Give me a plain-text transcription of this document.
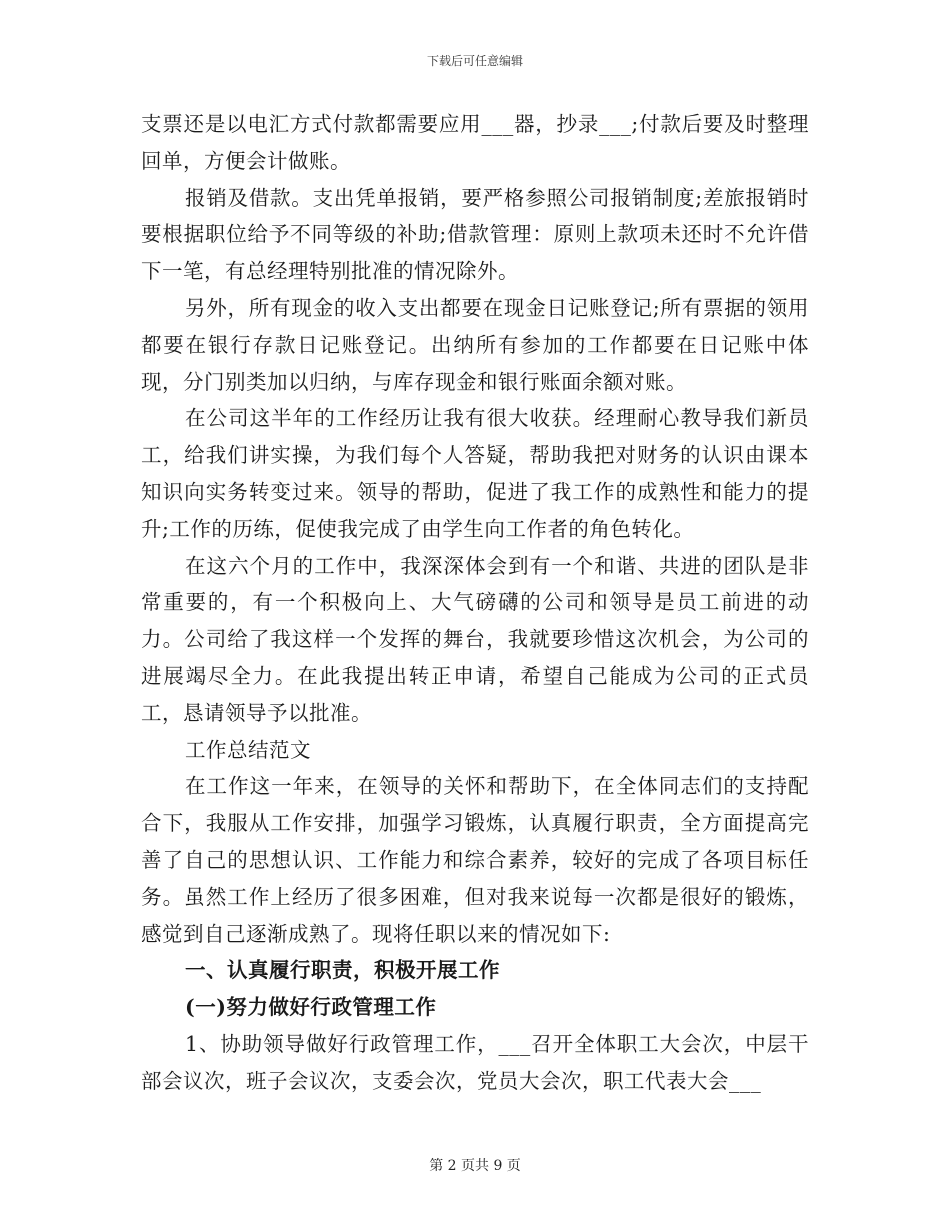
下载后可任意编辑

支票还是以电汇方式付款都需要应用___器，抄录___;付款后要及时整理回单，方便会计做账。

报销及借款。支出凭单报销，要严格参照公司报销制度;差旅报销时要根据职位给予不同等级的补助;借款管理：原则上款项未还时不允许借下一笔，有总经理特别批准的情况除外。

另外，所有现金的收入支出都要在现金日记账登记;所有票据的领用都要在银行存款日记账登记。出纳所有参加的工作都要在日记账中体现，分门别类加以归纳，与库存现金和银行账面余额对账。

在公司这半年的工作经历让我有很大收获。经理耐心教导我们新员工，给我们讲实操，为我们每个人答疑，帮助我把对财务的认识由课本知识向实务转变过来。领导的帮助，促进了我工作的成熟性和能力的提升;工作的历练，促使我完成了由学生向工作者的角色转化。

在这六个月的工作中，我深深体会到有一个和谐、共进的团队是非常重要的，有一个积极向上、大气磅礴的公司和领导是员工前进的动力。公司给了我这样一个发挥的舞台，我就要珍惜这次机会，为公司的进展竭尽全力。在此我提出转正申请，希望自己能成为公司的正式员工，恳请领导予以批准。

工作总结范文

在工作这一年来，在领导的关怀和帮助下，在全体同志们的支持配合下，我服从工作安排，加强学习锻炼，认真履行职责，全方面提高完善了自己的思想认识、工作能力和综合素养，较好的完成了各项目标任务。虽然工作上经历了很多困难，但对我来说每一次都是很好的锻炼，感觉到自己逐渐成熟了。现将任职以来的情况如下:

一、认真履行职责，积极开展工作

(一)努力做好行政管理工作

1、协助领导做好行政管理工作，___召开全体职工大会次，中层干部会议次，班子会议次，支委会次，党员大会次，职工代表大会___

第 2 页共 9 页
